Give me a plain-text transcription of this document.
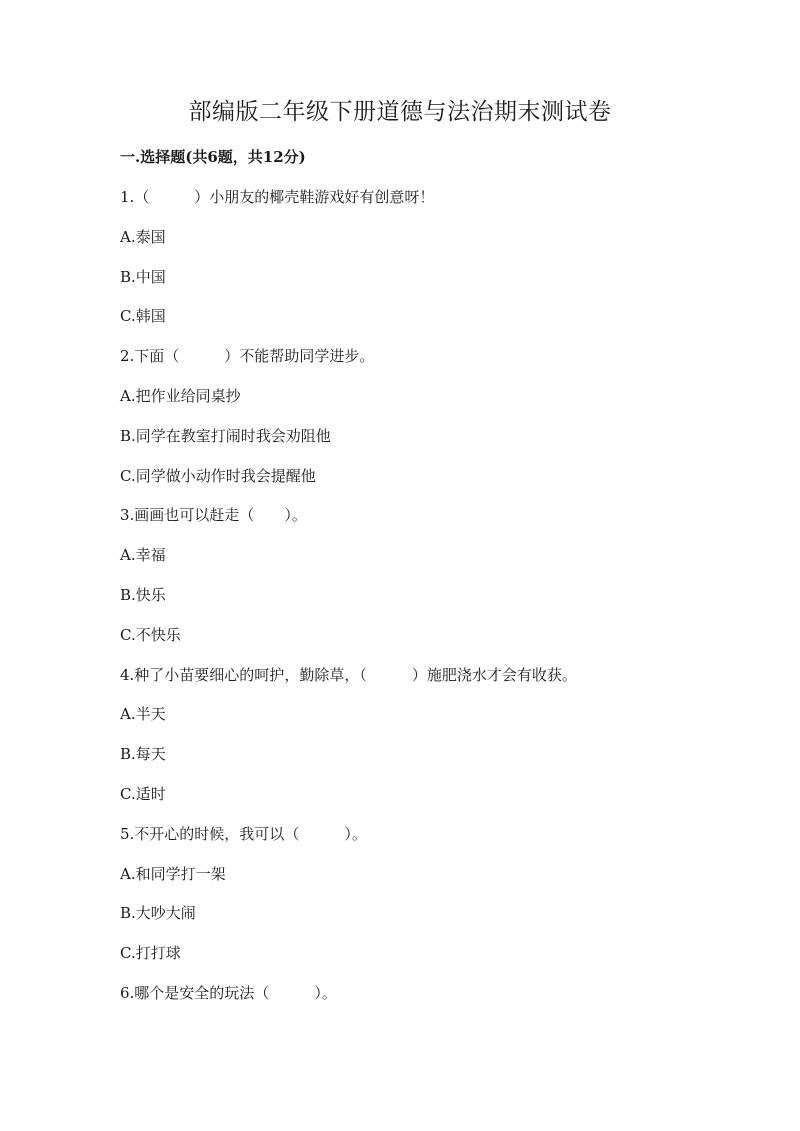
部编版二年级下册道德与法治期末测试卷
一.选择题(共6题，共12分)
1.（　　　）小朋友的椰壳鞋游戏好有创意呀！
A.泰国
B.中国
C.韩国
2.下面（　　　）不能帮助同学进步。
A.把作业给同桌抄
B.同学在教室打闹时我会劝阻他
C.同学做小动作时我会提醒他
3.画画也可以赶走（　　）。
A.幸福
B.快乐
C.不快乐
4.种了小苗要细心的呵护，勤除草，（　　　）施肥浇水才会有收获。
A.半天
B.每天
C.适时
5.不开心的时候，我可以（　　　）。
A.和同学打一架
B.大吵大闹
C.打打球
6.哪个是安全的玩法（　　　）。
